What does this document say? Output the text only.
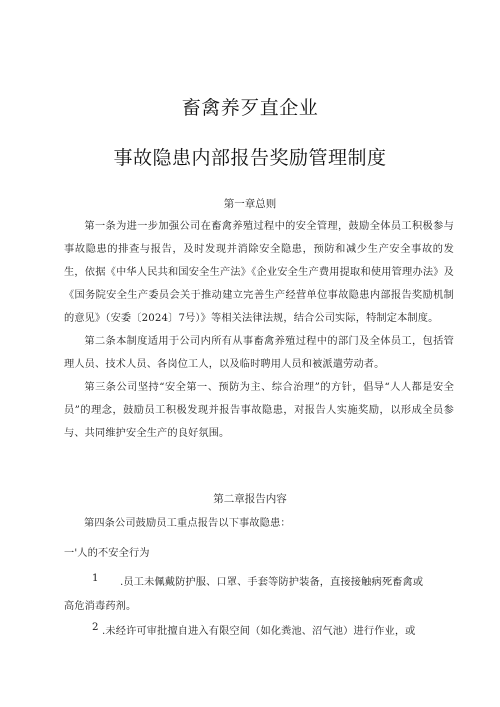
畜禽养歹直企业
事故隐患内部报告奖励管理制度
第一章总则

第一条为进一步加强公司在畜禽养殖过程中的安全管理，鼓励全体员工积极参与事故隐患的排查与报告，及时发现并消除安全隐患，预防和减少生产安全事故的发生，依据《中华人民共和国安全生产法》《企业安全生产费用提取和使用管理办法》及《国务院安全生产委员会关于推动建立完善生产经营单位事故隐患内部报告奖励机制的意见》（安委〔2024〕7号）》等相关法律法规，结合公司实际，特制定本制度。

第二条本制度适用于公司内所有从事畜禽养殖过程中的部门及全体员工，包括管理人员、技术人员、各岗位工人，以及临时聘用人员和被派遣劳动者。

第三条公司坚持“安全第一、预防为主、综合治理”的方针，倡导“人人都是安全员”的理念，鼓励员工积极发现并报告事故隐患，对报告人实施奖励，以形成全员参与、共同维护安全生产的良好氛围。

第二章报告内容
第四条公司鼓励员工重点报告以下事故隐患：
一'人的不安全行为
1 .员工未佩戴防护服、口罩、手套等防护装备，直接接触病死畜禽或
高危消毒药剂。
2 .未经许可审批擅自进入有限空间（如化粪池、沼气池）进行作业，或
